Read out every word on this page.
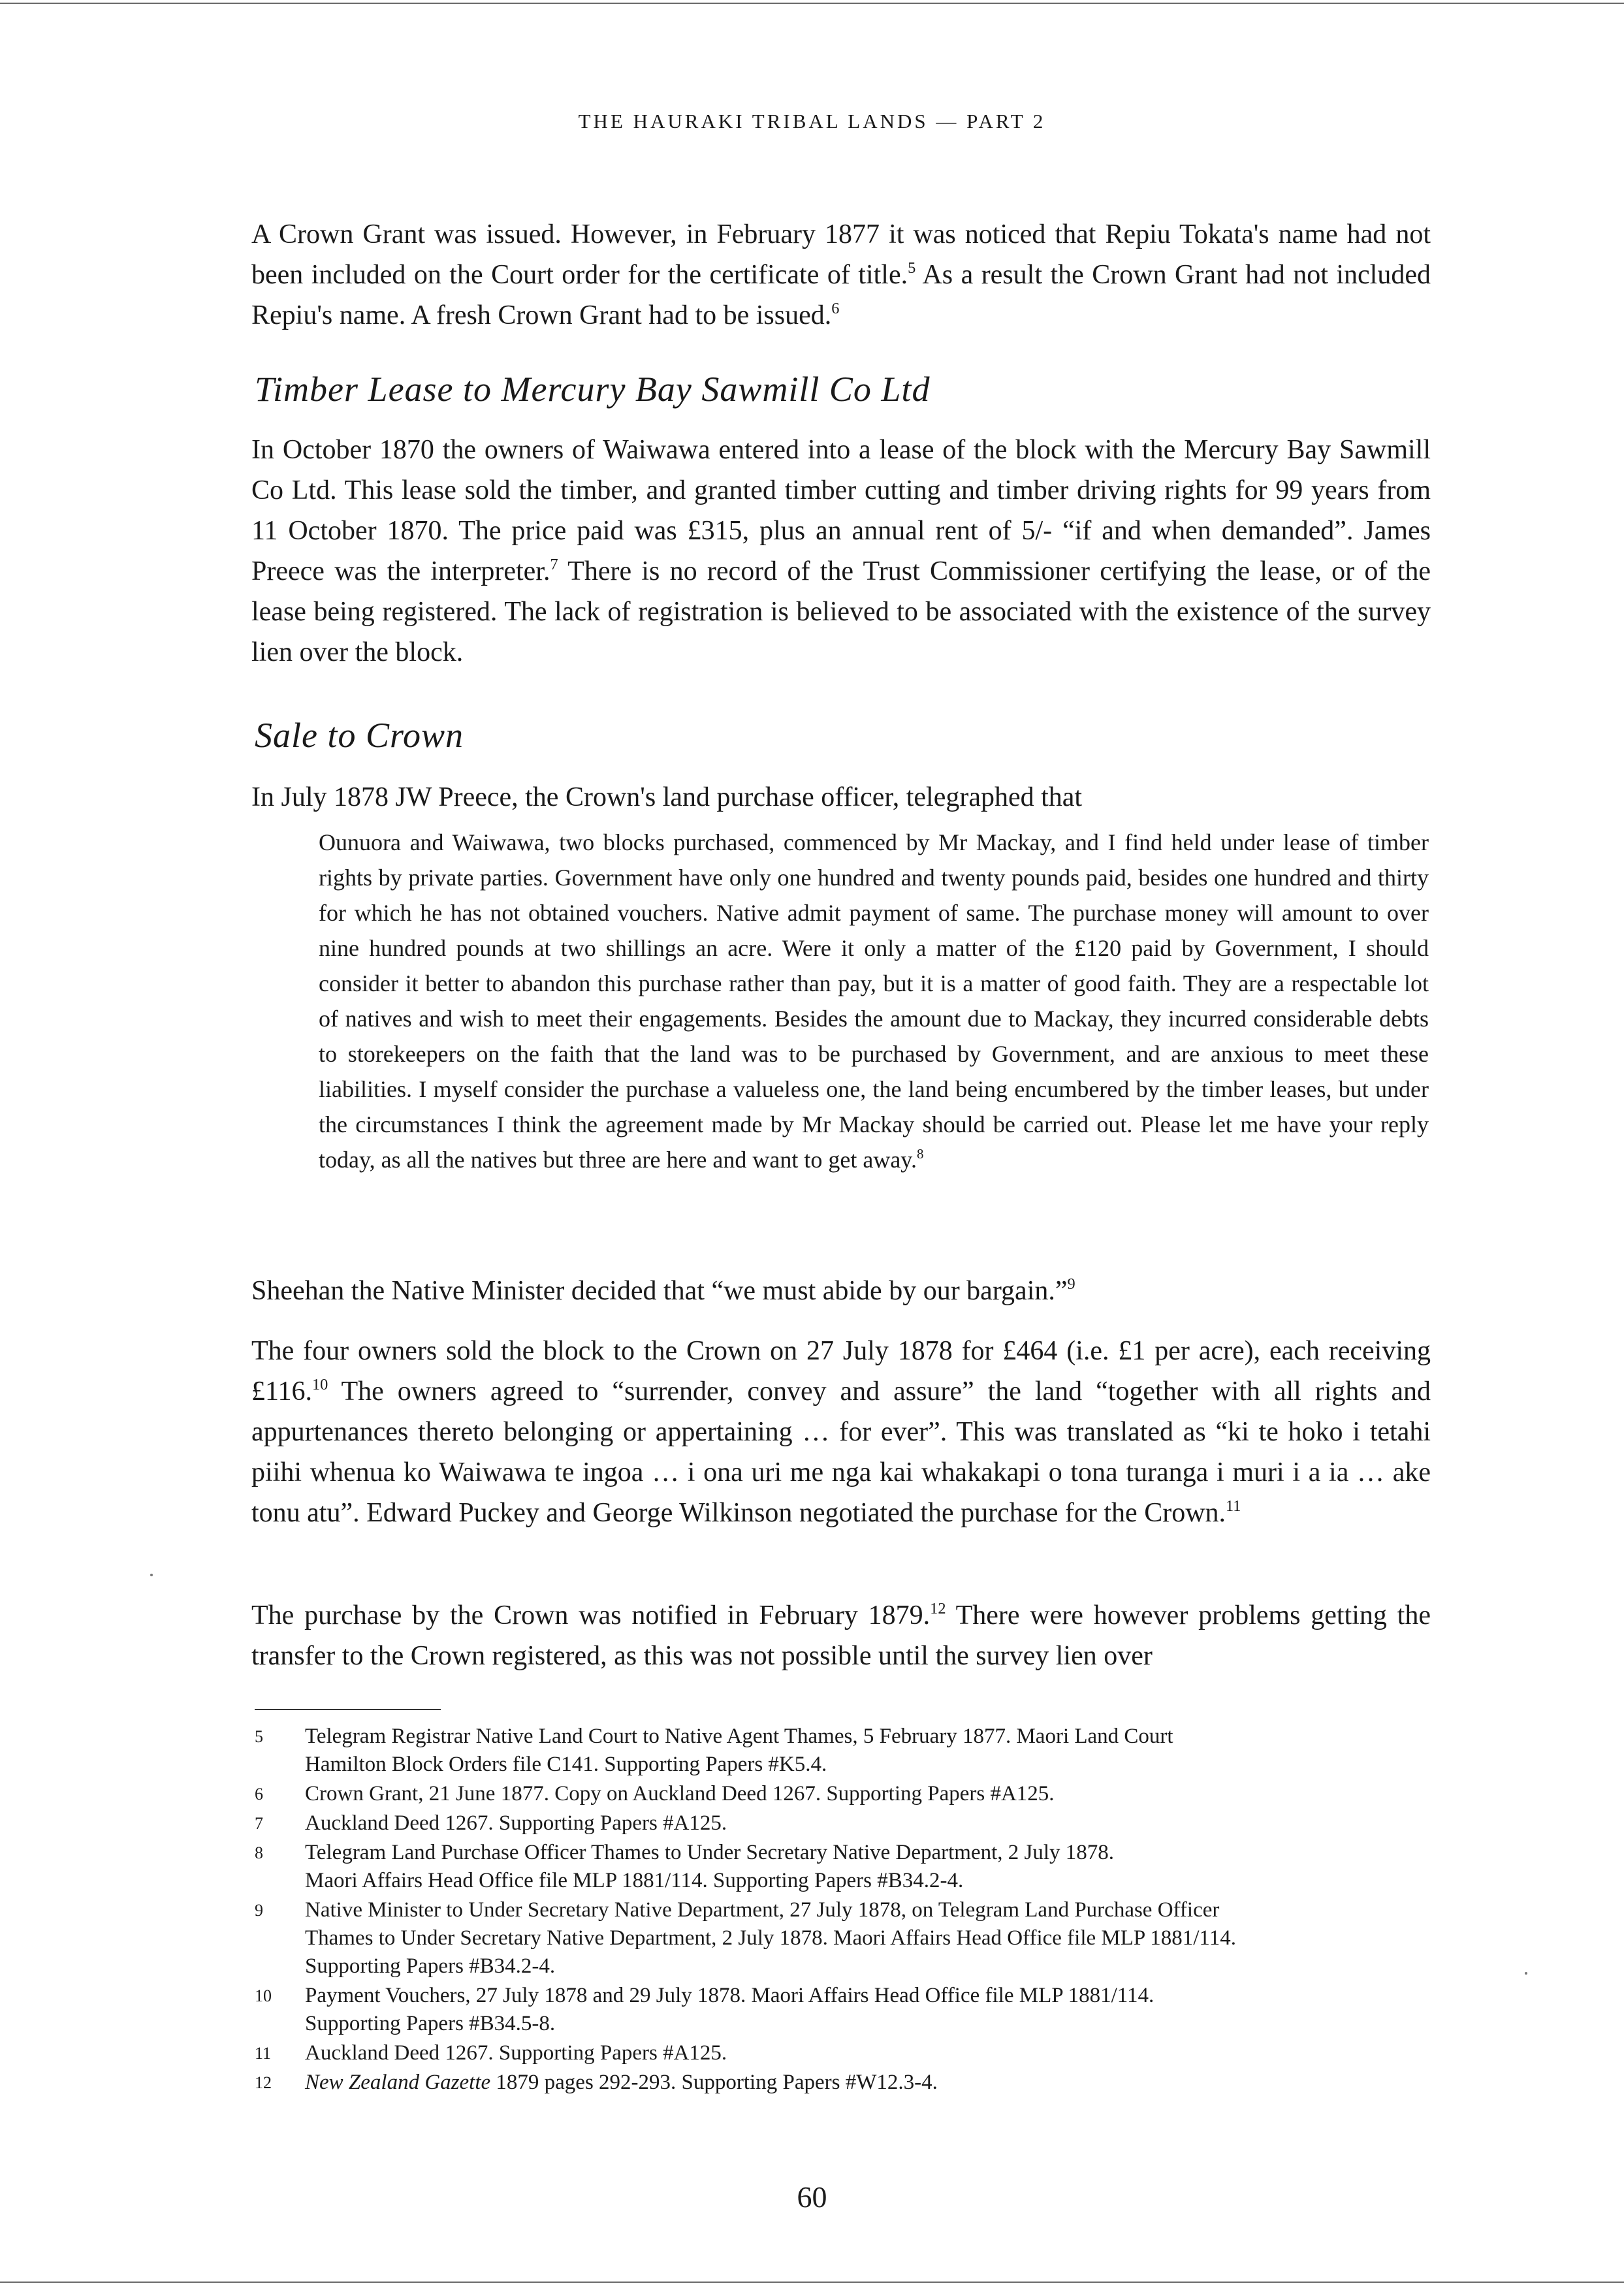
THE HAURAKI TRIBAL LANDS — PART 2

A Crown Grant was issued. However, in February 1877 it was noticed that Repiu Tokata's name had not been included on the Court order for the certificate of title.$^5$ As a result the Crown Grant had not included Repiu's name. A fresh Crown Grant had to be issued.$^6$

Timber Lease to Mercury Bay Sawmill Co Ltd

In October 1870 the owners of Waiwawa entered into a lease of the block with the Mercury Bay Sawmill Co Ltd. This lease sold the timber, and granted timber cutting and timber driving rights for 99 years from 11 October 1870. The price paid was £315, plus an annual rent of 5/- “if and when demanded”. James Preece was the interpreter.$^7$ There is no record of the Trust Commissioner certifying the lease, or of the lease being registered. The lack of registration is believed to be associated with the existence of the survey lien over the block.

Sale to Crown

In July 1878 JW Preece, the Crown's land purchase officer, telegraphed that

Ounuora and Waiwawa, two blocks purchased, commenced by Mr Mackay, and I find held under lease of timber rights by private parties. Government have only one hundred and twenty pounds paid, besides one hundred and thirty for which he has not obtained vouchers. Native admit payment of same. The purchase money will amount to over nine hundred pounds at two shillings an acre. Were it only a matter of the £120 paid by Government, I should consider it better to abandon this purchase rather than pay, but it is a matter of good faith. They are a respectable lot of natives and wish to meet their engagements. Besides the amount due to Mackay, they incurred considerable debts to storekeepers on the faith that the land was to be purchased by Government, and are anxious to meet these liabilities. I myself consider the purchase a valueless one, the land being encumbered by the timber leases, but under the circumstances I think the agreement made by Mr Mackay should be carried out. Please let me have your reply today, as all the natives but three are here and want to get away.$^8$

Sheehan the Native Minister decided that “we must abide by our bargain.”$^9$

The four owners sold the block to the Crown on 27 July 1878 for £464 (i.e. £1 per acre), each receiving £116.10 The owners agreed to “surrender, convey and assure” the land “together with all rights and appurtenances thereto belonging or appertaining … for ever”. This was translated as “ki te hoko i tetahi piihi whenua ko Waiwawa te ingoa … i ona uri me nga kai whakakapi o tona turanga i muri i a ia … ake tonu atu”. Edward Puckey and George Wilkinson negotiated the purchase for the Crown.$^{11}$

The purchase by the Crown was notified in February 1879.12 There were however problems getting the transfer to the Crown registered, as this was not possible until the survey lien over

5 Telegram Registrar Native Land Court to Native Agent Thames, 5 February 1877. Maori Land Court
Hamilton Block Orders file C141. Supporting Papers #K5.4.
6 Crown Grant, 21 June 1877. Copy on Auckland Deed 1267. Supporting Papers #A125.
7 Auckland Deed 1267. Supporting Papers #A125.
8 Telegram Land Purchase Officer Thames to Under Secretary Native Department, 2 July 1878.
Maori Affairs Head Office file MLP 1881/114. Supporting Papers #B34.2-4.
9 Native Minister to Under Secretary Native Department, 27 July 1878, on Telegram Land Purchase Officer
Thames to Under Secretary Native Department, 2 July 1878. Maori Affairs Head Office file MLP 1881/114.
Supporting Papers #B34.2-4.
10 Payment Vouchers, 27 July 1878 and 29 July 1878. Maori Affairs Head Office file MLP 1881/114.
Supporting Papers #B34.5-8.
11 Auckland Deed 1267. Supporting Papers #A125.
12 New Zealand Gazette 1879 pages 292-293. Supporting Papers #W12.3-4.
60
